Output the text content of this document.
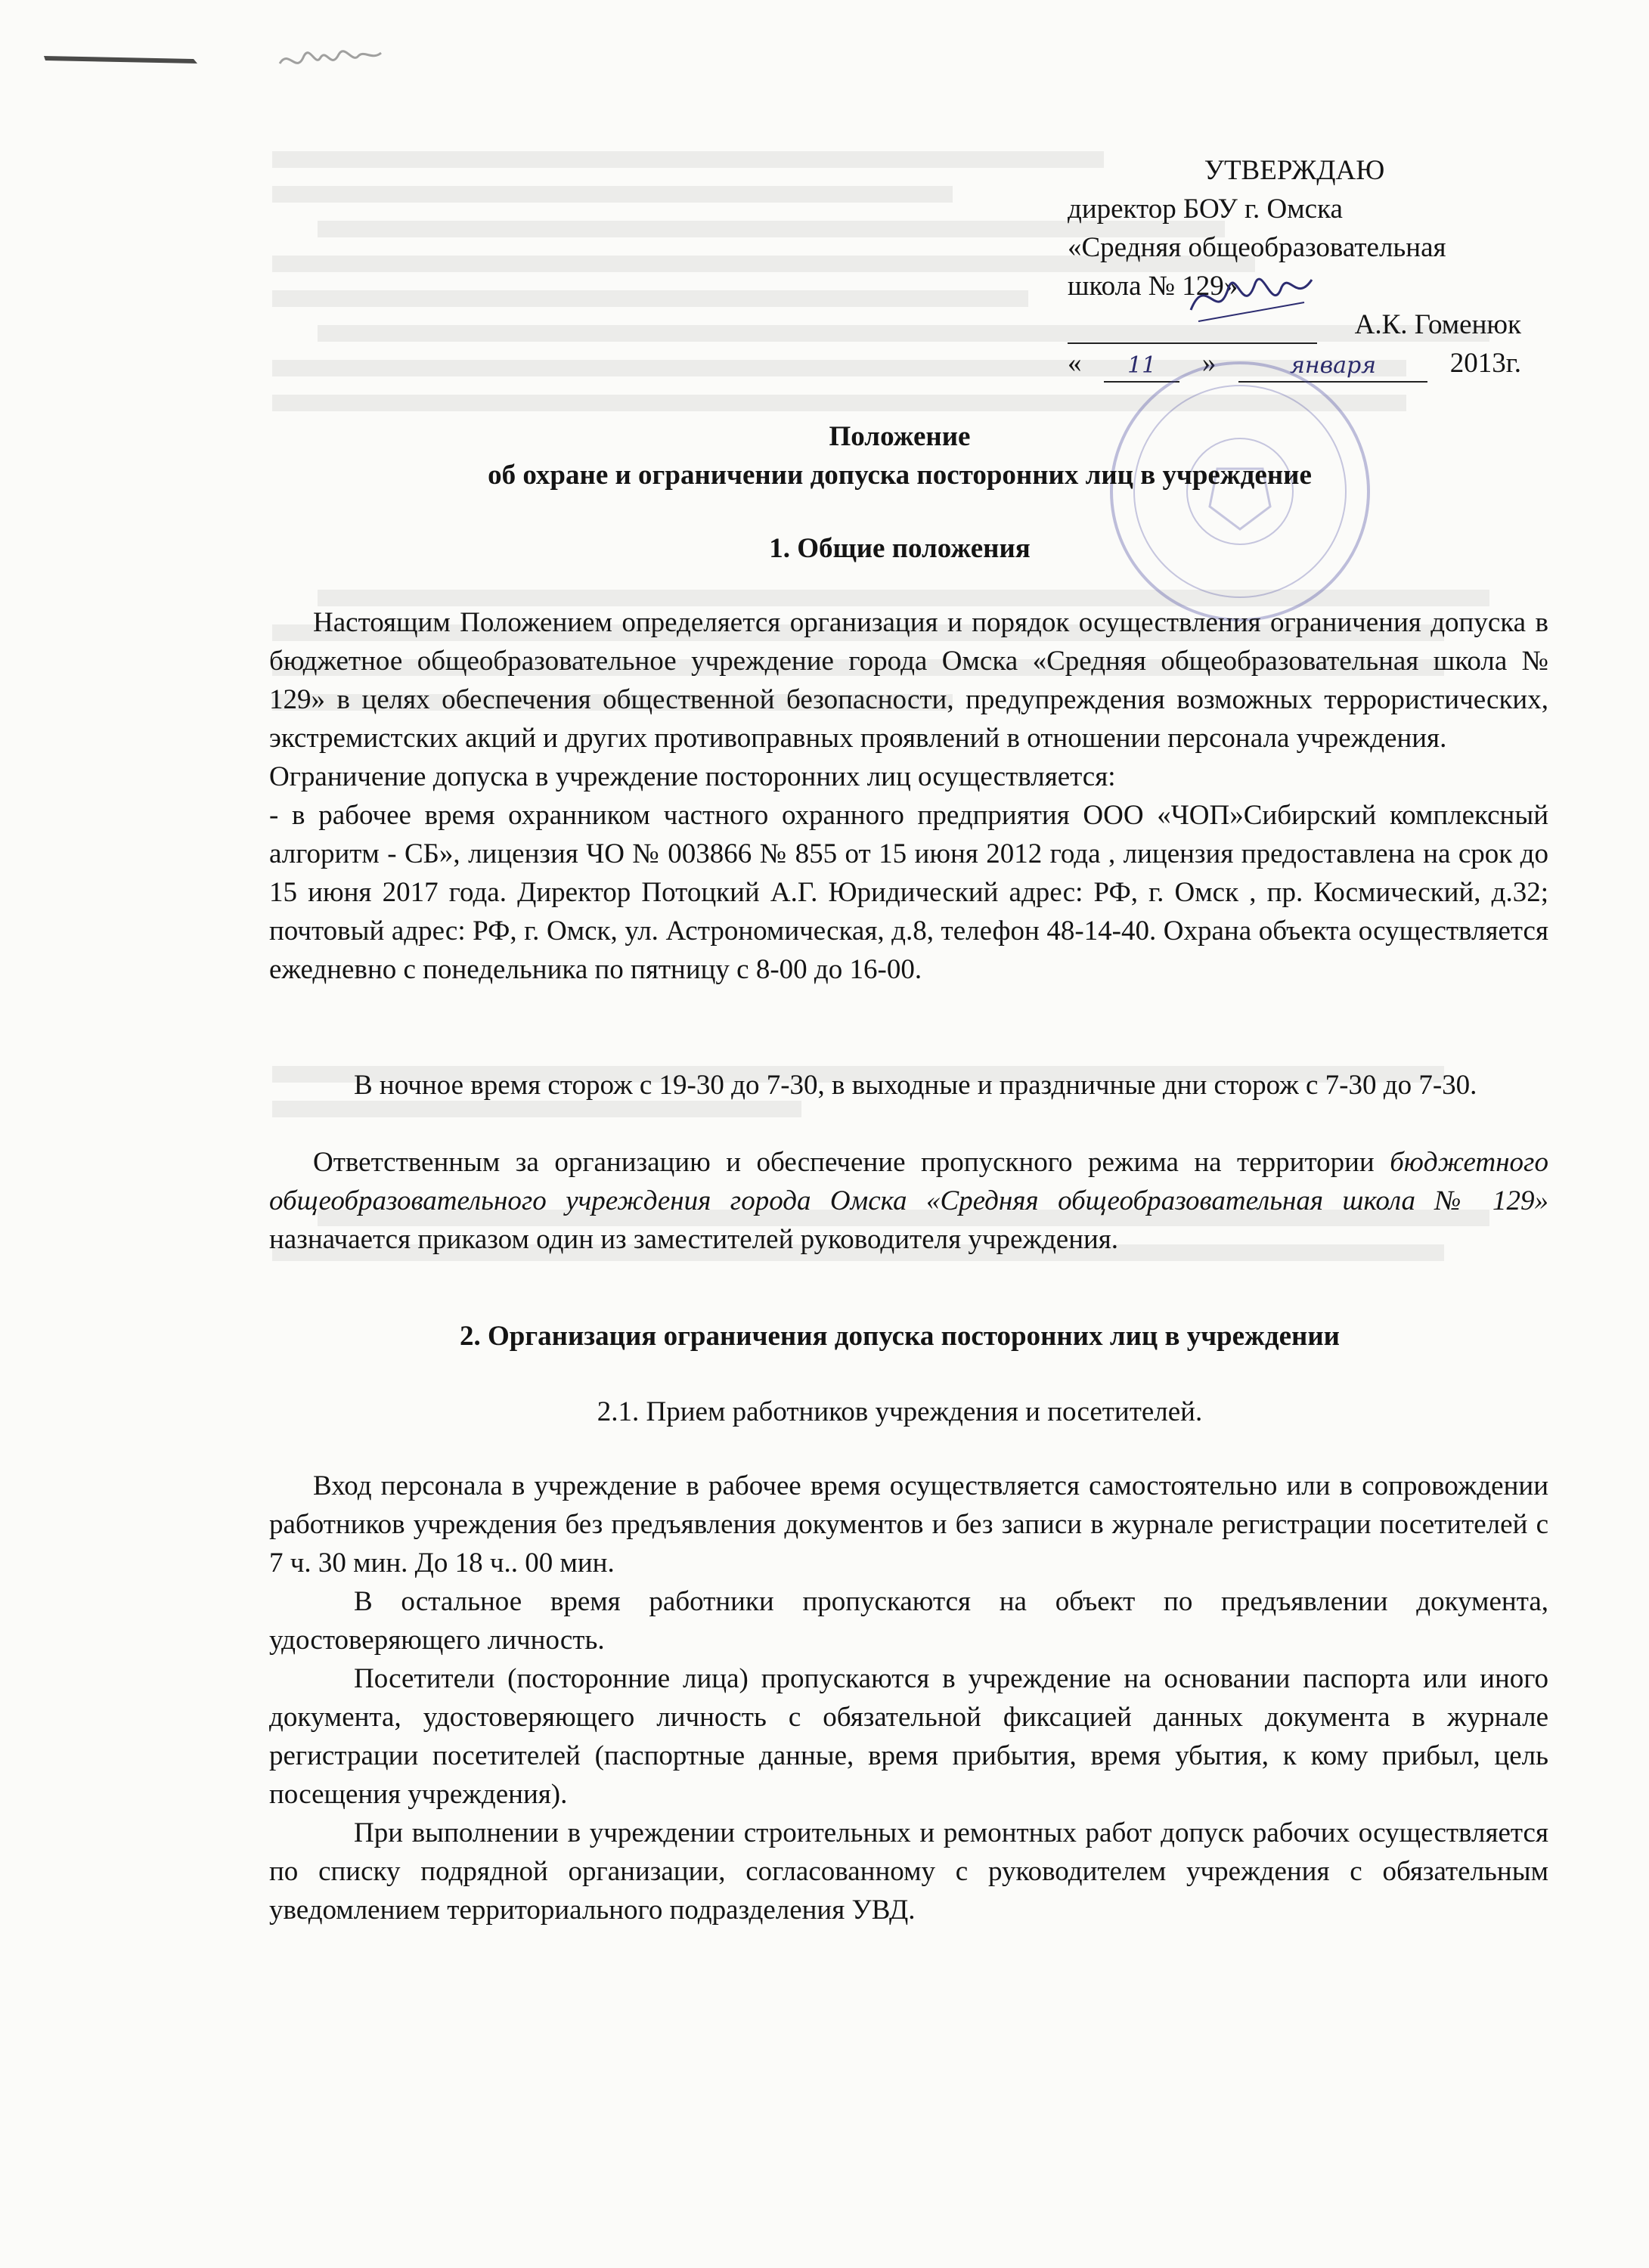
УТВЕРЖДАЮ
директор БОУ г. Омска
«Средняя общеобразовательная
школа № 129»
А.К. Гоменюк
«	11	»	января	2013г.
Положение
об охране и ограничении допуска посторонних лиц в учреждение
1. Общие положения
Настоящим Положением определяется организация и порядок осуществления ограничения допуска в бюджетное общеобразовательное учреждение города Омска «Средняя общеобразовательная школа № 129» в целях обеспечения общественной безопасности, предупреждения возможных террористических, экстремистских акций и других противоправных проявлений в отношении персонала учреждения.
Ограничение допуска в учреждение посторонних лиц осуществляется:
- в рабочее время охранником частного охранного предприятия ООО «ЧОП»Сибирский комплексный алгоритм - СБ», лицензия ЧО № 003866 № 855 от 15 июня 2012 года , лицензия предоставлена на срок до 15 июня 2017 года. Директор Потоцкий А.Г. Юридический адрес: РФ, г. Омск , пр. Космический, д.32; почтовый адрес: РФ, г. Омск, ул. Астрономическая, д.8, телефон 48-14-40. Охрана объекта осуществляется ежедневно с понедельника по пятницу с 8-00 до 16-00.
В ночное время сторож с 19-30 до 7-30, в выходные и праздничные дни сторож с 7-30 до 7-30.
Ответственным за организацию и обеспечение пропускного режима на территории бюджетного общеобразовательного учреждения города Омска «Средняя общеобразовательная школа № 129» назначается приказом один из заместителей руководителя учреждения.
2. Организация ограничения допуска посторонних лиц в учреждении
2.1. Прием работников учреждения и посетителей.
Вход персонала в учреждение в рабочее время осуществляется самостоятельно или в сопровождении работников учреждения без предъявления документов и без записи в журнале регистрации посетителей с 7 ч. 30 мин. До 18 ч.. 00 мин.
В остальное время работники пропускаются на объект по предъявлении документа, удостоверяющего личность.
Посетители (посторонние лица) пропускаются в учреждение на основании паспорта или иного документа, удостоверяющего личность с обязательной фиксацией данных документа в журнале регистрации посетителей (паспортные данные, время прибытия, время убытия, к кому прибыл, цель посещения учреждения).
При выполнении в учреждении строительных и ремонтных работ допуск рабочих осуществляется по списку подрядной организации, согласованному с руководителем учреждения с обязательным уведомлением территориального подразделения УВД.
